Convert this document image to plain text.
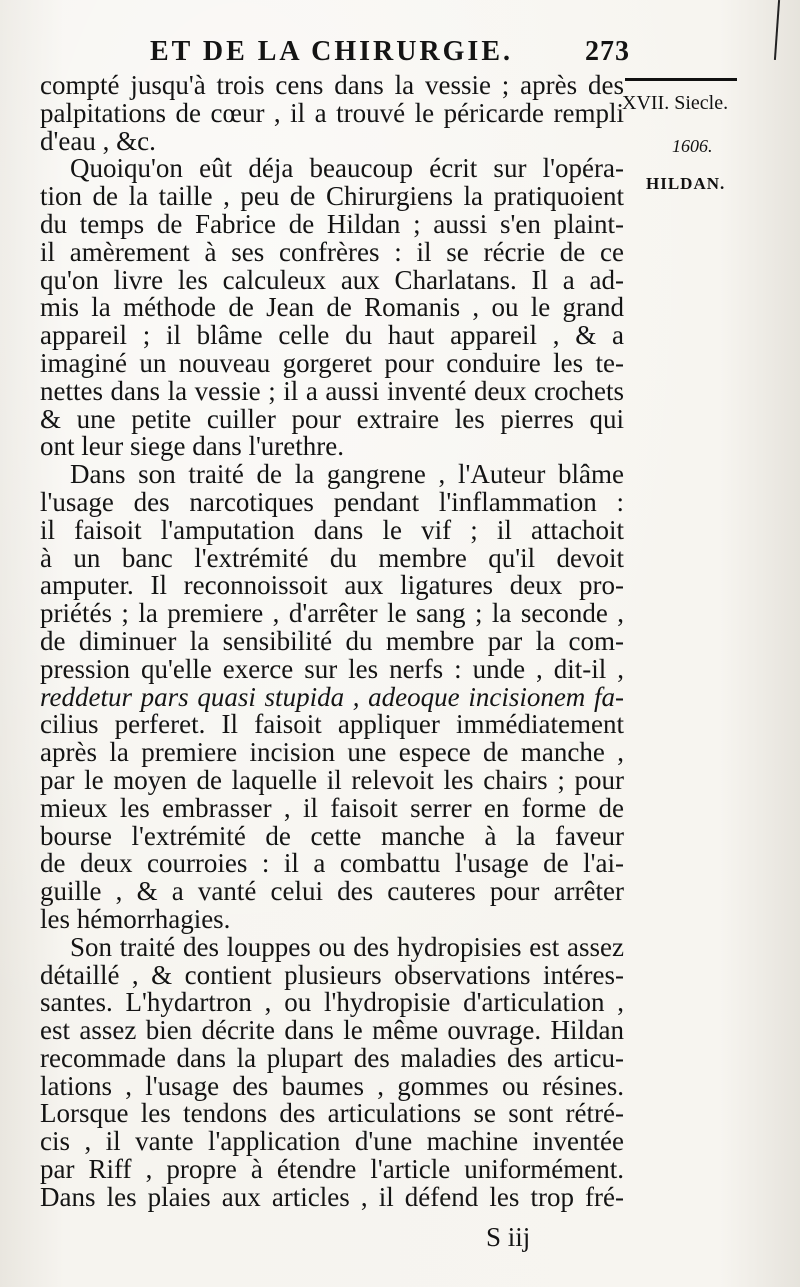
ET DE LA CHIRURGIE.	273
XVII. Siecle.
1606.
HILDAN.
compté jusqu'à trois cens dans la vessie ; après des
palpitations de cœur , il a trouvé le péricarde rempli
d'eau , &c.
Quoiqu'on eût déja beaucoup écrit sur l'opéra-
tion de la taille , peu de Chirurgiens la pratiquoient
du temps de Fabrice de Hildan ; aussi s'en plaint-
il amèrement à ses confrères : il se récrie de ce
qu'on livre les calculeux aux Charlatans. Il a ad-
mis la méthode de Jean de Romanis , ou le grand
appareil ; il blâme celle du haut appareil , & a
imaginé un nouveau gorgeret pour conduire les te-
nettes dans la vessie ; il a aussi inventé deux crochets
& une petite cuiller pour extraire les pierres qui
ont leur siege dans l'urethre.
Dans son traité de la gangrene , l'Auteur blâme
l'usage des narcotiques pendant l'inflammation :
il faisoit l'amputation dans le vif ; il attachoit
à un banc l'extrémité du membre qu'il devoit
amputer. Il reconnoissoit aux ligatures deux pro-
priétés ; la premiere , d'arrêter le sang ; la seconde ,
de diminuer la sensibilité du membre par la com-
pression qu'elle exerce sur les nerfs : unde , dit-il ,
reddetur pars quasi stupida , adeoque incisionem fa-
cilius perferet. Il faisoit appliquer immédiatement
après la premiere incision une espece de manche ,
par le moyen de laquelle il relevoit les chairs ; pour
mieux les embrasser , il faisoit serrer en forme de
bourse l'extrémité de cette manche à la faveur
de deux courroies : il a combattu l'usage de l'ai-
guille , & a vanté celui des cauteres pour arrêter
les hémorrhagies.
Son traité des louppes ou des hydropisies est assez
détaillé , & contient plusieurs observations intéres-
santes. L'hydartron , ou l'hydropisie d'articulation ,
est assez bien décrite dans le même ouvrage. Hildan
recommade dans la plupart des maladies des articu-
lations , l'usage des baumes , gommes ou résines.
Lorsque les tendons des articulations se sont rétré-
cis , il vante l'application d'une machine inventée
par Riff , propre à étendre l'article uniformément.
Dans les plaies aux articles , il défend les trop fré-
S iij
